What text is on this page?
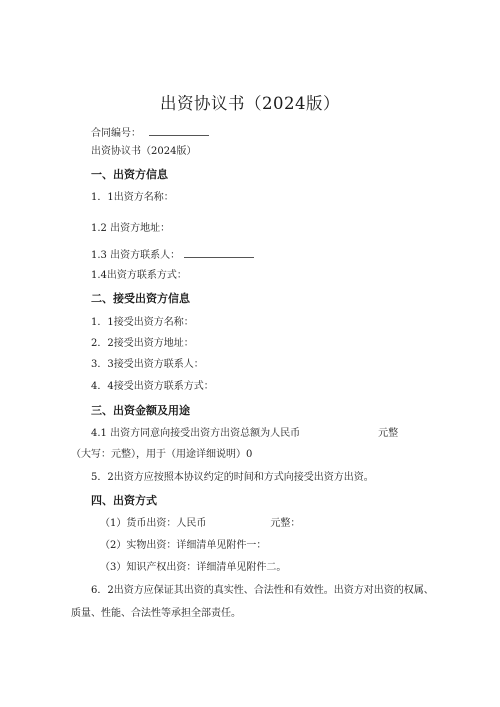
出资协议书（2024版）
合同编号：
出资协议书（2024版）
一、出资方信息
1．1出资方名称：
1.2 出资方地址：
1.3 出资方联系人：
1.4出资方联系方式：
二、接受出资方信息
1．1接受出资方名称：
2．2接受出资方地址：
3．3接受出资方联系人：
4．4接受出资方联系方式：
三、出资金额及用途
4.1 出资方同意向接受出资方出资总额为人民币	元整
（大写：元整），用于（用途详细说明）0
5．2出资方应按照本协议约定的时间和方式向接受出资方出资。
四、出资方式
（1）货币出资：人民币	元整：
（2）实物出资：详细清单见附件一：
（3）知识产权出资：详细清单见附件二。
6．2出资方应保证其出资的真实性、合法性和有效性。出资方对出资的权属、
质量、性能、合法性等承担全部责任。
